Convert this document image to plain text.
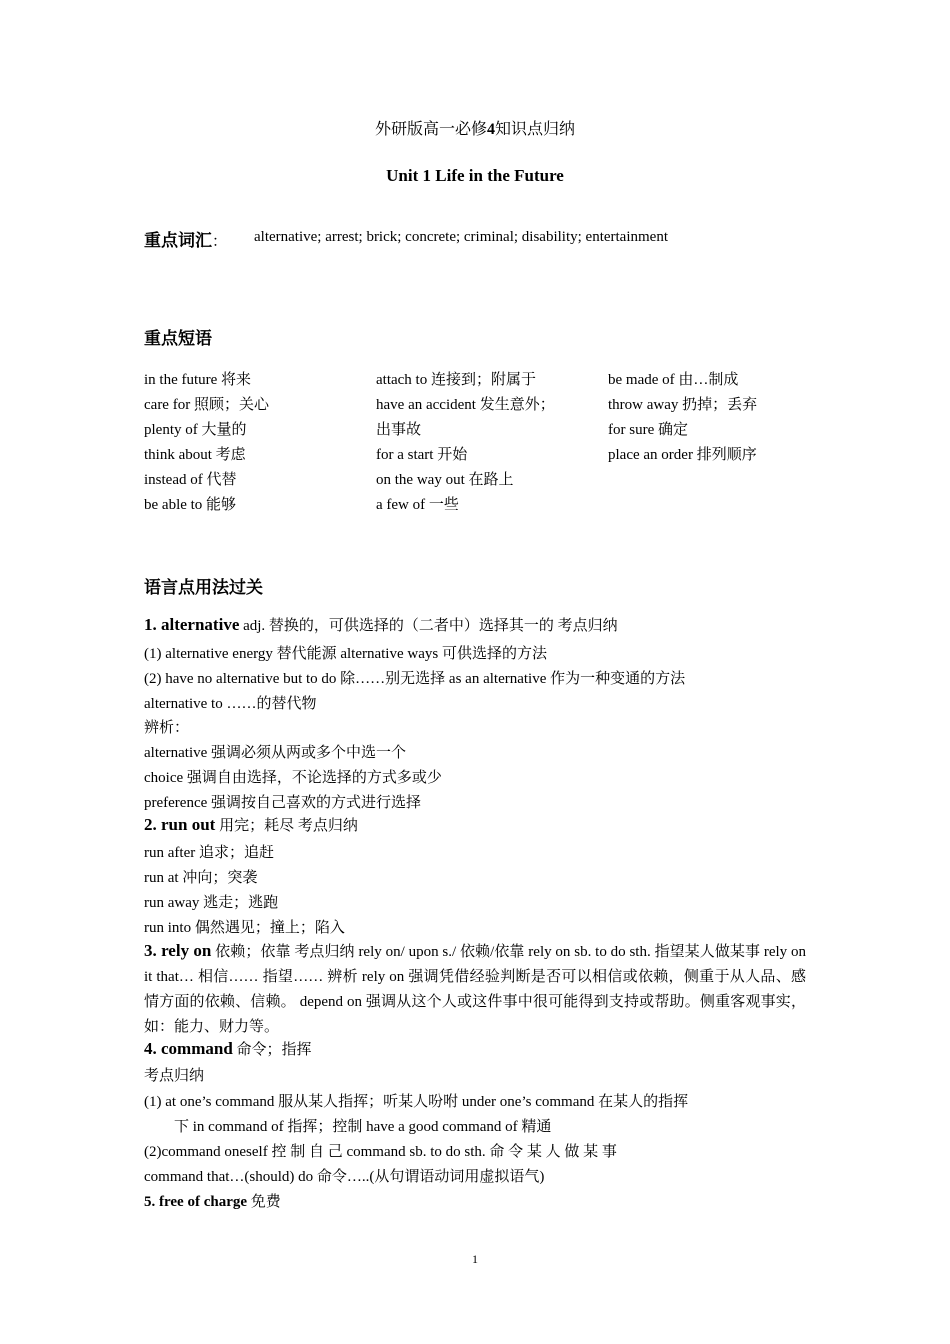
外研版高一必修4知识点归纳
Unit 1 Life in the Future
重点词汇： alternative; arrest; brick; concrete; criminal; disability; entertainment
重点短语
in the future 将来
care for 照顾；关心
plenty of 大量的
think about 考虑
instead of 代替
be able to 能够
attach to 连接到；附属于
have an accident 发生意外；
出事故
for a start 开始
on the way out 在路上
a few of 一些
be made of 由…制成
throw away 扔掉；丢弃
for sure 确定
place an order 排列顺序
语言点用法过关
1. alternative adj. 替换的，可供选择的（二者中）选择其一的 考点归纳
(1) alternative energy 替代能源 alternative ways 可供选择的方法
(2) have no alternative but to do 除……别无选择 as an alternative 作为一种变通的方法
alternative to ……的替代物
辨析：
alternative 强调必须从两或多个中选一个
choice 强调自由选择，不论选择的方式多或少
preference 强调按自己喜欢的方式进行选择
2. run out 用完；耗尽 考点归纳
run after 追求；追赶
run at 冲向；突袭
run away 逃走；逃跑
run into 偶然遇见；撞上；陷入
3. rely on 依赖；依靠 考点归纳 rely on/ upon s./ 依赖/依靠 rely on sb. to do sth. 指望某人做某事 rely on it that… 相信…… 指望…… 辨析 rely on 强调凭借经验判断是否可以相信或依赖，侧重于从人品、感情方面的依赖、信赖。 depend on 强调从这个人或这件事中很可能得到支持或帮助。侧重客观事实，如：能力、财力等。
4. command 命令；指挥
考点归纳
(1) at one’s command 服从某人指挥；听某人吩咐 under one’s command 在某人的指挥
下 in command of 指挥；控制 have a good command of 精通
(2)command oneself 控 制 自 己 command sb. to do sth. 命 令 某 人 做 某 事
command that…(should) do 命令…..(从句谓语动词用虚拟语气)
5. free of charge 免费
1
